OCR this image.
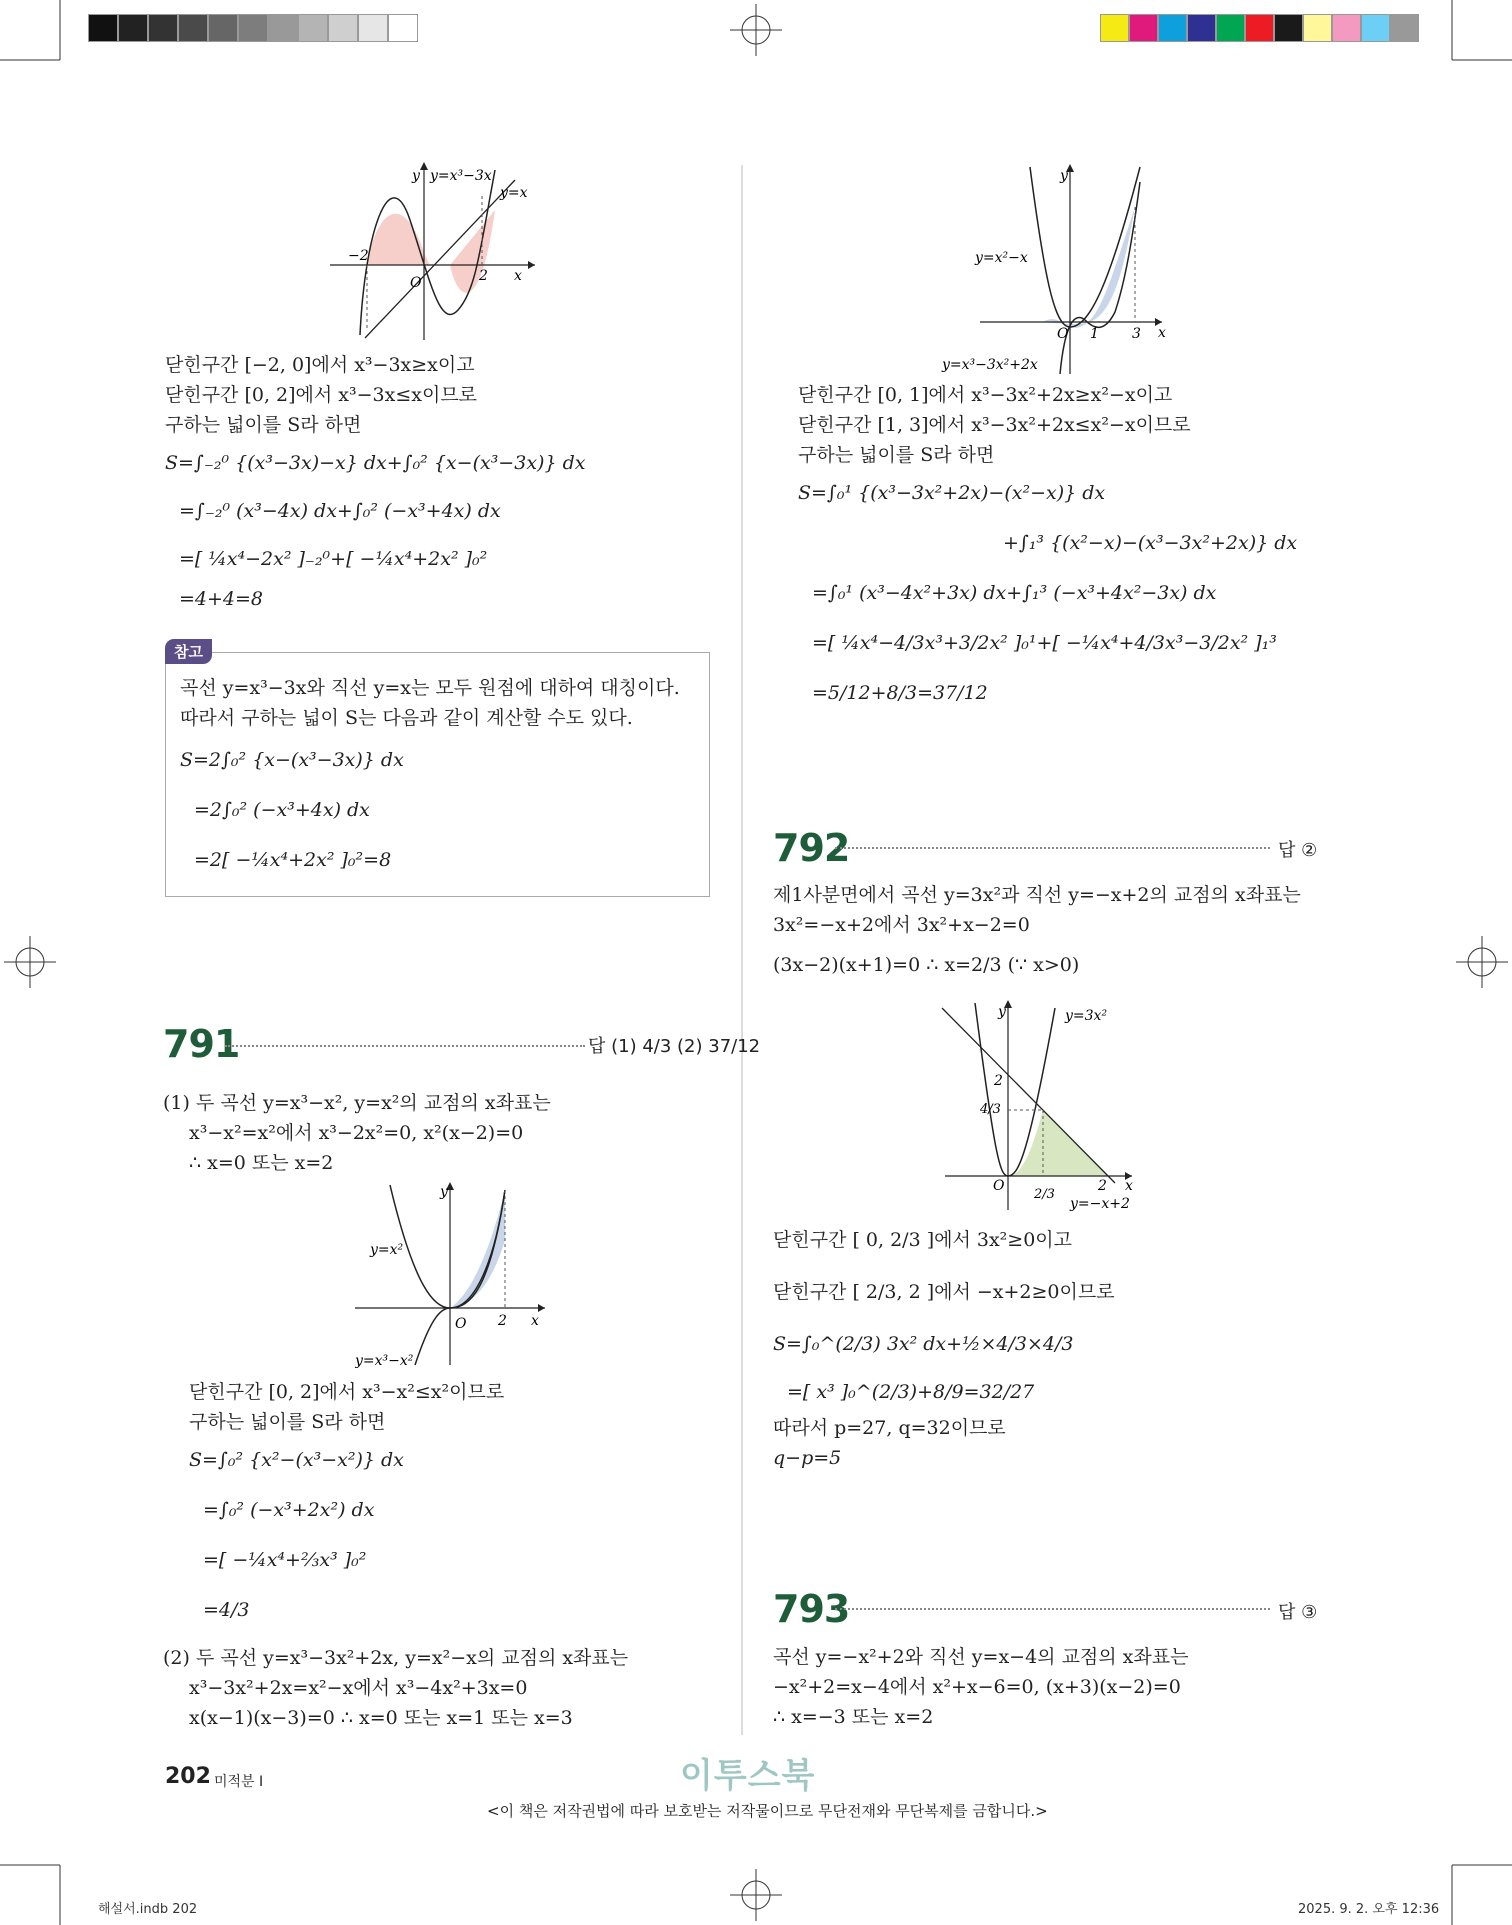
y y=x³−3x
y=x
−2
O	2 x
닫힌구간 [−2, 0]에서 x³−3x≥x이고
닫힌구간 [0, 2]에서 x³−3x≤x이므로
구하는 넓이를 S라 하면
S=∫₋₂⁰ {(x³−3x)−x} dx+∫₀² {x−(x³−3x)} dx
=∫₋₂⁰ (x³−4x) dx+∫₀² (−x³+4x) dx
=[ ¼x⁴−2x² ]₋₂⁰+[ −¼x⁴+2x² ]₀²
=4+4=8
참고
곡선 y=x³−3x와 직선 y=x는 모두 원점에 대하여 대칭이다.
따라서 구하는 넓이 S는 다음과 같이 계산할 수도 있다.
S=2∫₀² {x−(x³−3x)} dx
=2∫₀² (−x³+4x) dx
=2[ −¼x⁴+2x² ]₀²=8
791	답 (1) 4/3 (2) 37/12
(1) 두 곡선 y=x³−x², y=x²의 교점의 x좌표는
x³−x²=x²에서 x³−2x²=0, x²(x−2)=0
∴ x=0 또는 x=2
y
y=x²
O 2 x
y=x³−x²
닫힌구간 [0, 2]에서 x³−x²≤x²이므로
구하는 넓이를 S라 하면
S=∫₀² {x²−(x³−x²)} dx
=∫₀² (−x³+2x²) dx
=[ −¼x⁴+⅔x³ ]₀²
=4/3
(2) 두 곡선 y=x³−3x²+2x, y=x²−x의 교점의 x좌표는
x³−3x²+2x=x²−x에서 x³−4x²+3x=0
x(x−1)(x−3)=0 ∴ x=0 또는 x=1 또는 x=3
y
y=x²−x
O 1 3 x
y=x³−3x²+2x
닫힌구간 [0, 1]에서 x³−3x²+2x≥x²−x이고
닫힌구간 [1, 3]에서 x³−3x²+2x≤x²−x이므로
구하는 넓이를 S라 하면
S=∫₀¹ {(x³−3x²+2x)−(x²−x)} dx
+∫₁³ {(x²−x)−(x³−3x²+2x)} dx
=∫₀¹ (x³−4x²+3x) dx+∫₁³ (−x³+4x²−3x) dx
=[ ¼x⁴−4/3x³+3/2x² ]₀¹+[ −¼x⁴+4/3x³−3/2x² ]₁³
=5/12+8/3=37/12
792	답 ②
제1사분면에서 곡선 y=3x²과 직선 y=−x+2의 교점의 x좌표는
3x²=−x+2에서 3x²+x−2=0
(3x−2)(x+1)=0 ∴ x=2/3 (∵ x>0)
y	y=3x²
2
4/3
O
2/3
2 x
y=−x+2
닫힌구간 [ 0, 2/3 ]에서 3x²≥0이고
닫힌구간 [ 2/3, 2 ]에서 −x+2≥0이므로
S=∫₀^(2/3) 3x² dx+½×4/3×4/3
=[ x³ ]₀^(2/3)+8/9=32/27
따라서 p=27, q=32이므로
q−p=5
793	답 ③
곡선 y=−x²+2와 직선 y=x−4의 교점의 x좌표는
−x²+2=x−4에서 x²+x−6=0, (x+3)(x−2)=0
∴ x=−3 또는 x=2
202 미적분 Ⅰ	이투스북
<이 책은 저작권법에 따라 보호받는 저작물이므로 무단전재와 무단복제를 금합니다.>
해설서.indb 202	2025. 9. 2. 오후 12:36
